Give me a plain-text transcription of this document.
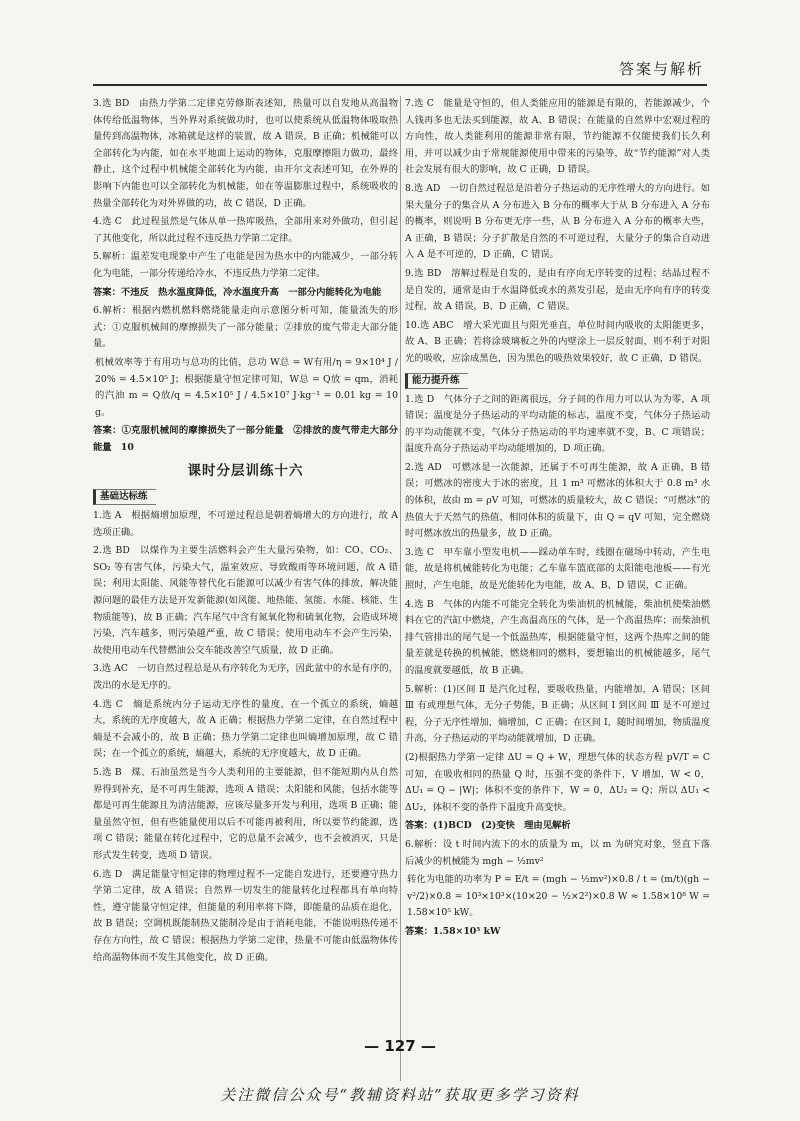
答案与解析

3.选 BD　由热力学第二定律克劳修斯表述知，热量可以自发地从高温物体传给低温物体，当外界对系统做功时，也可以使系统从低温物体吸取热量传到高温物体，冰箱就是这样的装置，故 A 错误，B 正确；机械能可以全部转化为内能，如在水平地面上运动的物体，克服摩擦阻力做功，最终静止，这个过程中机械能全部转化为内能，由开尔文表述可知，在外界的影响下内能也可以全部转化为机械能，如在等温膨胀过程中，系统吸收的热量全部转化为对外界做的功，故 C 错误，D 正确。

4.选 C　此过程虽然是气体从单一热库吸热，全部用来对外做功，但引起了其他变化，所以此过程不违反热力学第二定律。

5.解析：温差发电现象中产生了电能是因为热水中的内能减少，一部分转化为电能，一部分传递给冷水，不违反热力学第二定律。

答案：不违反　热水温度降低，冷水温度升高　一部分内能转化为电能

6.解析：根据内燃机燃料燃烧能量走向示意图分析可知，能量流失的形式：①克服机械间的摩擦损失了一部分能量；②排放的废气带走大部分能量。

机械效率等于有用功与总功的比值，总功 W总 = W有用/η = 9×10⁴ J / 20% = 4.5×10⁵ J；根据能量守恒定律可知，W总 = Q放 = qm，消耗的汽油 m = Q放/q = 4.5×10⁵ J / 4.5×10⁷ J·kg⁻¹ = 0.01 kg = 10 g。

答案：①克服机械间的摩擦损失了一部分能量　②排放的废气带走大部分能量　10

课时分层训练十六
基础达标练

1.选 A　根据熵增加原理，不可逆过程总是朝着熵增大的方向进行，故 A 选项正确。

2.选 BD　以煤作为主要生活燃料会产生大量污染物，如：CO、CO₂、SO₂ 等有害气体，污染大气，温室效应、导致酸雨等环境问题，故 A 错误；利用太阳能、风能等替代化石能源可以减少有害气体的排放，解决能源问题的最佳方法是开发新能源(如风能、地热能、氢能、水能、核能、生物质能等)，故 B 正确；汽车尾气中含有氮氧化物和硫氧化物，会造成环境污染，汽车越多，则污染越严重，故 C 错误；使用电动车不会产生污染，故使用电动车代替燃油公交车能改善空气质量，故 D 正确。

3.选 AC　一切自然过程总是从有序转化为无序，因此盆中的水是有序的，泼出的水是无序的。

4.选 C　熵是系统内分子运动无序性的量度，在一个孤立的系统，熵越大，系统的无序度越大，故 A 正确；根据热力学第二定律，在自然过程中熵是不会减小的，故 B 正确；热力学第二定律也叫熵增加原理，故 C 错误；在一个孤立的系统，熵越大，系统的无序度越大，故 D 正确。

5.选 B　煤、石油虽然是当今人类利用的主要能源，但不能短期内从自然界得到补充，是不可再生能源，选项 A 错误；太阳能和风能，包括水能等都是可再生能源且为清洁能源，应该尽量多开发与利用，选项 B 正确；能量虽然守恒，但有些能量使用以后不可能再被利用，所以要节约能源，选项 C 错误；能量在转化过程中，它的总量不会减少，也不会被消灭，只是形式发生转变，选项 D 错误。

6.选 D　满足能量守恒定律的物理过程不一定能自发进行，还要遵守热力学第二定律，故 A 错误；自然界一切发生的能量转化过程都具有单向特性，遵守能量守恒定律，但能量的利用率将下降，即能量的品质在退化，故 B 错误；空调机既能制热又能制冷是由于消耗电能，不能说明热传递不存在方向性，故 C 错误；根据热力学第二定律，热量不可能由低温物体传给高温物体而不发生其他变化，故 D 正确。

7.选 C　能量是守恒的，但人类能应用的能源是有限的，若能源减少，个人钱再多也无法买到能源，故 A、B 错误；在能量的自然界中宏观过程的方向性，故人类能利用的能源非常有限，节约能源不仅能使我们长久利用，并可以减少由于常规能源使用中带来的污染等，故“节约能源”对人类社会发展有很大的影响，故 C 正确，D 错误。

8.选 AD　一切自然过程总是沿着分子热运动的无序性增大的方向进行。如果大量分子的集合从 A 分布进入 B 分布的概率大于从 B 分布进入 A 分布的概率，则说明 B 分布更无序一些，从 B 分布进入 A 分布的概率大些，A 正确，B 错误；分子扩散是自然的不可逆过程，大量分子的集合自动进入 A 是不可逆的，D 正确，C 错误。

9.选 BD　溶解过程是自发的，是由有序向无序转变的过程；结晶过程不是自发的，通常是由于水温降低或水的蒸发引起，是由无序向有序的转变过程，故 A 错误，B、D 正确，C 错误。

10.选 ABC　增大采光面且与阳光垂直，单位时间内吸收的太阳能更多，故 A、B 正确；若将涂玻璃板之外的内壁涂上一层反射面，则不利于对阳光的吸收，应涂成黑色，因为黑色的吸热效果较好，故 C 正确，D 错误。

能力提升练

1.选 D　气体分子之间的距离很远，分子间的作用力可以认为为零，A 项错误；温度是分子热运动的平均动能的标志，温度不变，气体分子热运动的平均动能就不变，气体分子热运动的平均速率就不变，B、C 项错误；温度升高分子热运动平均动能增加的，D 项正确。

2.选 AD　可燃冰是一次能源，还属于不可再生能源，故 A 正确，B 错误；可燃冰的密度大于冰的密度，且 1 m³ 可燃冰的体积大于 0.8 m³ 水的体积，故由 m = ρV 可知，可燃冰的质量较大，故 C 错误；“可燃冰”的热值大于天然气的热值，相同体积的质量下，由 Q = qV 可知，完全燃烧时可燃冰放出的热量多，故 D 正确。

3.选 C　甲车靠小型发电机——踩动单车时，线圈在磁场中转动，产生电能，故是将机械能转化为电能；乙车靠车篮底部的太阳能电池板——有光照时，产生电能，故是光能转化为电能，故 A、B、D 错误，C 正确。

4.选 B　气体的内能不可能完全转化为柴油机的机械能，柴油机使柴油燃料在它的汽缸中燃烧，产生高温高压的气体，是一个高温热库；而柴油机排气管排出的尾气是一个低温热库，根据能量守恒，这两个热库之间的能量差就是转换的机械能，燃烧相同的燃料，要想输出的机械能越多，尾气的温度就要越低，故 B 正确。

5.解析：(1)区间 Ⅱ 是汽化过程，要吸收热量，内能增加，A 错误；区间 Ⅲ 有或理想气体，无分子势能，B 正确；从区间 Ⅰ 到区间 Ⅲ 是不可逆过程，分子无序性增加，熵增加，C 正确；在区间 Ⅰ，随时间增加，物质温度升高，分子热运动的平均动能就增加，D 正确。

(2)根据热力学第一定律 ΔU = Q + W，理想气体的状态方程 pV/T = C 可知，在吸收相同的热量 Q 时，压强不变的条件下，V 增加，W < 0，ΔU₁ = Q − |W|；体积不变的条件下，W = 0，ΔU₂ = Q；所以 ΔU₁ < ΔU₂，体积不变的条件下温度升高变快。

答案：(1)BCD　(2)变快　理由见解析

6.解析：设 t 时间内流下的水的质量为 m，以 m 为研究对象，竖直下落后减少的机械能为 mgh − ½mv²

转化为电能的功率为 P = E/t = (mgh − ½mv²)×0.8 / t = (m/t)(gh − v²/2)×0.8 = 10³×10³×(10×20 − ½×2²)×0.8 W ≈ 1.58×10⁸ W = 1.58×10⁵ kW。

答案：1.58×10⁵ kW

— 127 —
关注微信公众号“教辅资料站”获取更多学习资料
